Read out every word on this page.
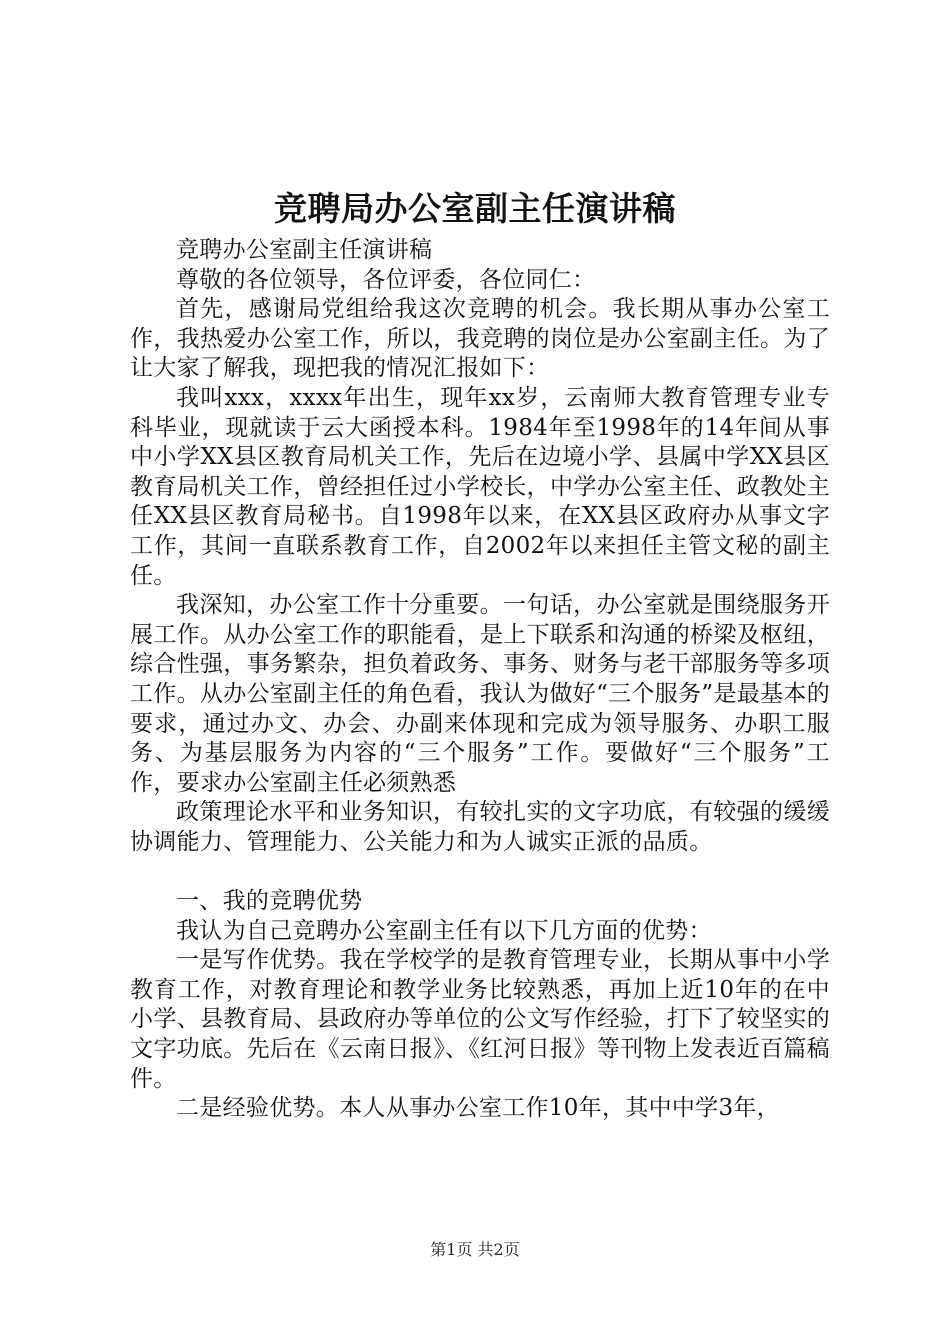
竞聘局办公室副主任演讲稿

竞聘办公室副主任演讲稿

尊敬的各位领导，各位评委，各位同仁：

首先，感谢局党组给我这次竞聘的机会。我长期从事办公室工作，我热爱办公室工作，所以，我竞聘的岗位是办公室副主任。为了让大家了解我，现把我的情况汇报如下：

我叫xxx，xxxx年出生，现年xx岁，云南师大教育管理专业专科毕业，现就读于云大函授本科。1984年至1998年的14年间从事中小学XX县区教育局机关工作，先后在边境小学、县属中学XX县区教育局机关工作，曾经担任过小学校长，中学办公室主任、政教处主任XX县区教育局秘书。自1998年以来，在XX县区政府办从事文字工作，其间一直联系教育工作，自2002年以来担任主管文秘的副主任。

我深知，办公室工作十分重要。一句话，办公室就是围绕服务开展工作。从办公室工作的职能看，是上下联系和沟通的桥梁及枢纽，综合性强，事务繁杂，担负着政务、事务、财务与老干部服务等多项工作。从办公室副主任的角色看，我认为做好“三个服务”是最基本的要求，通过办文、办会、办副来体现和完成为领导服务、办职工服务、为基层服务为内容的“三个服务”工作。要做好“三个服务”工作，要求办公室副主任必须熟悉

政策理论水平和业务知识，有较扎实的文字功底，有较强的缓缓协调能力、管理能力、公关能力和为人诚实正派的品质。

一、我的竞聘优势

我认为自己竞聘办公室副主任有以下几方面的优势：

一是写作优势。我在学校学的是教育管理专业，长期从事中小学教育工作，对教育理论和教学业务比较熟悉，再加上近10年的在中小学、县教育局、县政府办等单位的公文写作经验，打下了较坚实的文字功底。先后在《云南日报》、《红河日报》等刊物上发表近百篇稿件。

二是经验优势。本人从事办公室工作10年，其中中学3年，

第1页 共2页
